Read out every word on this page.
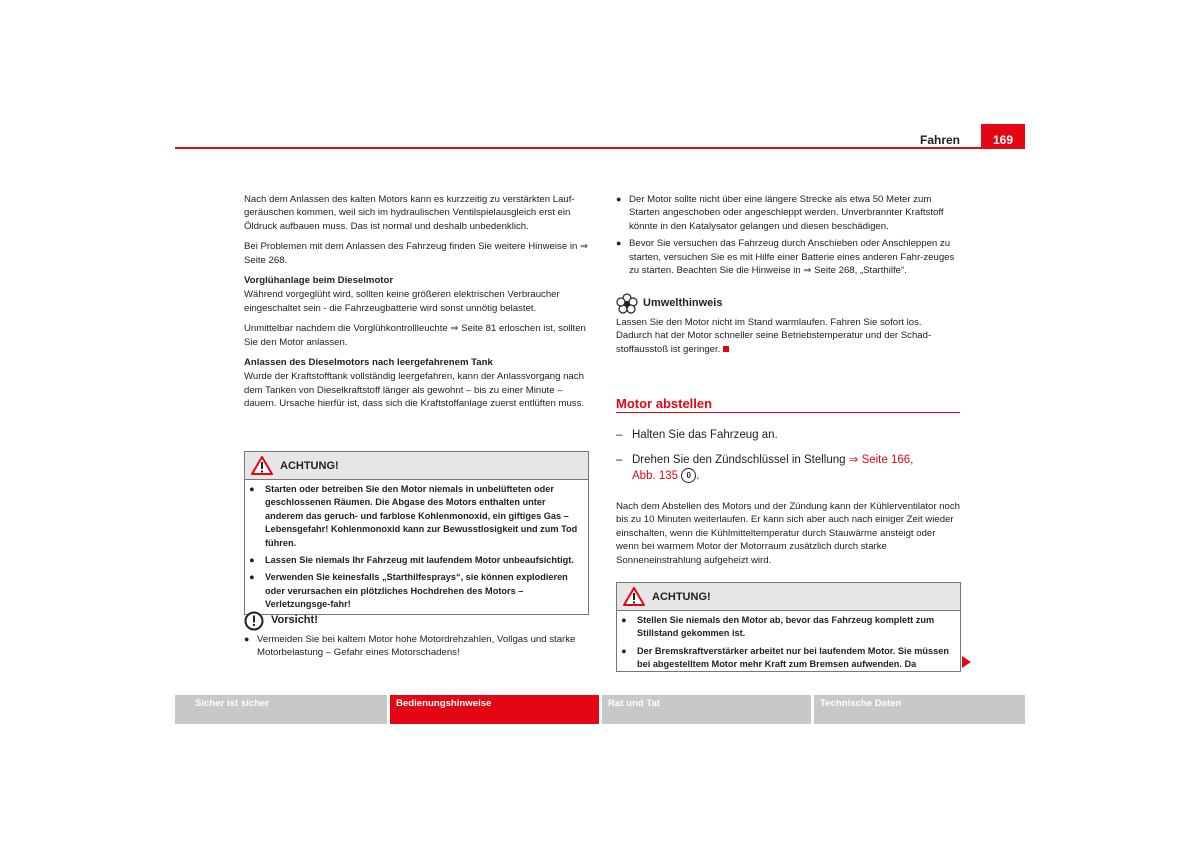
Fahren	169

Nach dem Anlassen des kalten Motors kann es kurzzeitig zu verstärkten Lauf-geräuschen kommen, weil sich im hydraulischen Ventilspielausgleich erst ein Öldruck aufbauen muss. Das ist normal und deshalb unbedenklich.

Bei Problemen mit dem Anlassen des Fahrzeug finden Sie weitere Hinweise in ⇒ Seite 268.

Vorglühanlage beim Dieselmotor

Während vorgeglüht wird, sollten keine größeren elektrischen Verbraucher eingeschaltet sein - die Fahrzeugbatterie wird sonst unnötig belastet.

Unmittelbar nachdem die Vorglühkontrollleuchte ⇒ Seite 81 erloschen ist, sollten Sie den Motor anlassen.

Anlassen des Dieselmotors nach leergefahrenem Tank

Wurde der Kraftstofftank vollständig leergefahren, kann der Anlassvorgang nach dem Tanken von Dieselkraftstoff länger als gewohnt – bis zu einer Minute – dauern. Ursache hierfür ist, dass sich die Kraftstoffanlage zuerst entlüften muss.

ACHTUNG!
●	Starten oder betreiben Sie den Motor niemals in unbelüfteten oder geschlossenen Räumen. Die Abgase des Motors enthalten unter anderem das geruch- und farblose Kohlenmonoxid, ein giftiges Gas – Lebensgefahr! Kohlenmonoxid kann zur Bewusstlosigkeit und zum Tod führen.
●	Lassen Sie niemals Ihr Fahrzeug mit laufendem Motor unbeaufsichtigt.
●	Verwenden Sie keinesfalls „Starthilfesprays“, sie können explodieren oder verursachen ein plötzliches Hochdrehen des Motors – Verletzungsge-fahr!
Vorsicht!
● Vermeiden Sie bei kaltem Motor hohe Motordrehzahlen, Vollgas und starke Motorbelastung – Gefahr eines Motorschadens!
● Der Motor sollte nicht über eine längere Strecke als etwa 50 Meter zum Starten angeschoben oder angeschleppt werden. Unverbrannter Kraftstoff könnte in den Katalysator gelangen und diesen beschädigen.
● Bevor Sie versuchen das Fahrzeug durch Anschieben oder Anschleppen zu starten, versuchen Sie es mit Hilfe einer Batterie eines anderen Fahr-zeuges zu starten. Beachten Sie die Hinweise in ⇒ Seite 268, „Starthilfe“.
Umwelthinweis

Lassen Sie den Motor nicht im Stand warmlaufen. Fahren Sie sofort los. Dadurch hat der Motor schneller seine Betriebstemperatur und der Schad-stoffausstoß ist geringer.

Motor abstellen
– Halten Sie das Fahrzeug an.
– Drehen Sie den Zündschlüssel in Stellung ⇒ Seite 166,
Abb. 135 0 .

Nach dem Abstellen des Motors und der Zündung kann der Kühlerventilator noch bis zu 10 Minuten weiterlaufen. Er kann sich aber auch nach einiger Zeit wieder einschalten, wenn die Kühlmitteltemperatur durch Stauwärme ansteigt oder wenn bei warmem Motor der Motorraum zusätzlich durch starke Sonneneinstrahlung aufgeheizt wird.

ACHTUNG!
●	Stellen Sie niemals den Motor ab, bevor das Fahrzeug komplett zum Stillstand gekommen ist.
●	Der Bremskraftverstärker arbeitet nur bei laufendem Motor. Sie müssen bei abgestelltem Motor mehr Kraft zum Bremsen aufwenden. Da
Sicher ist sicher	Bedienungshinweise	Rat und Tat	Technische Daten
